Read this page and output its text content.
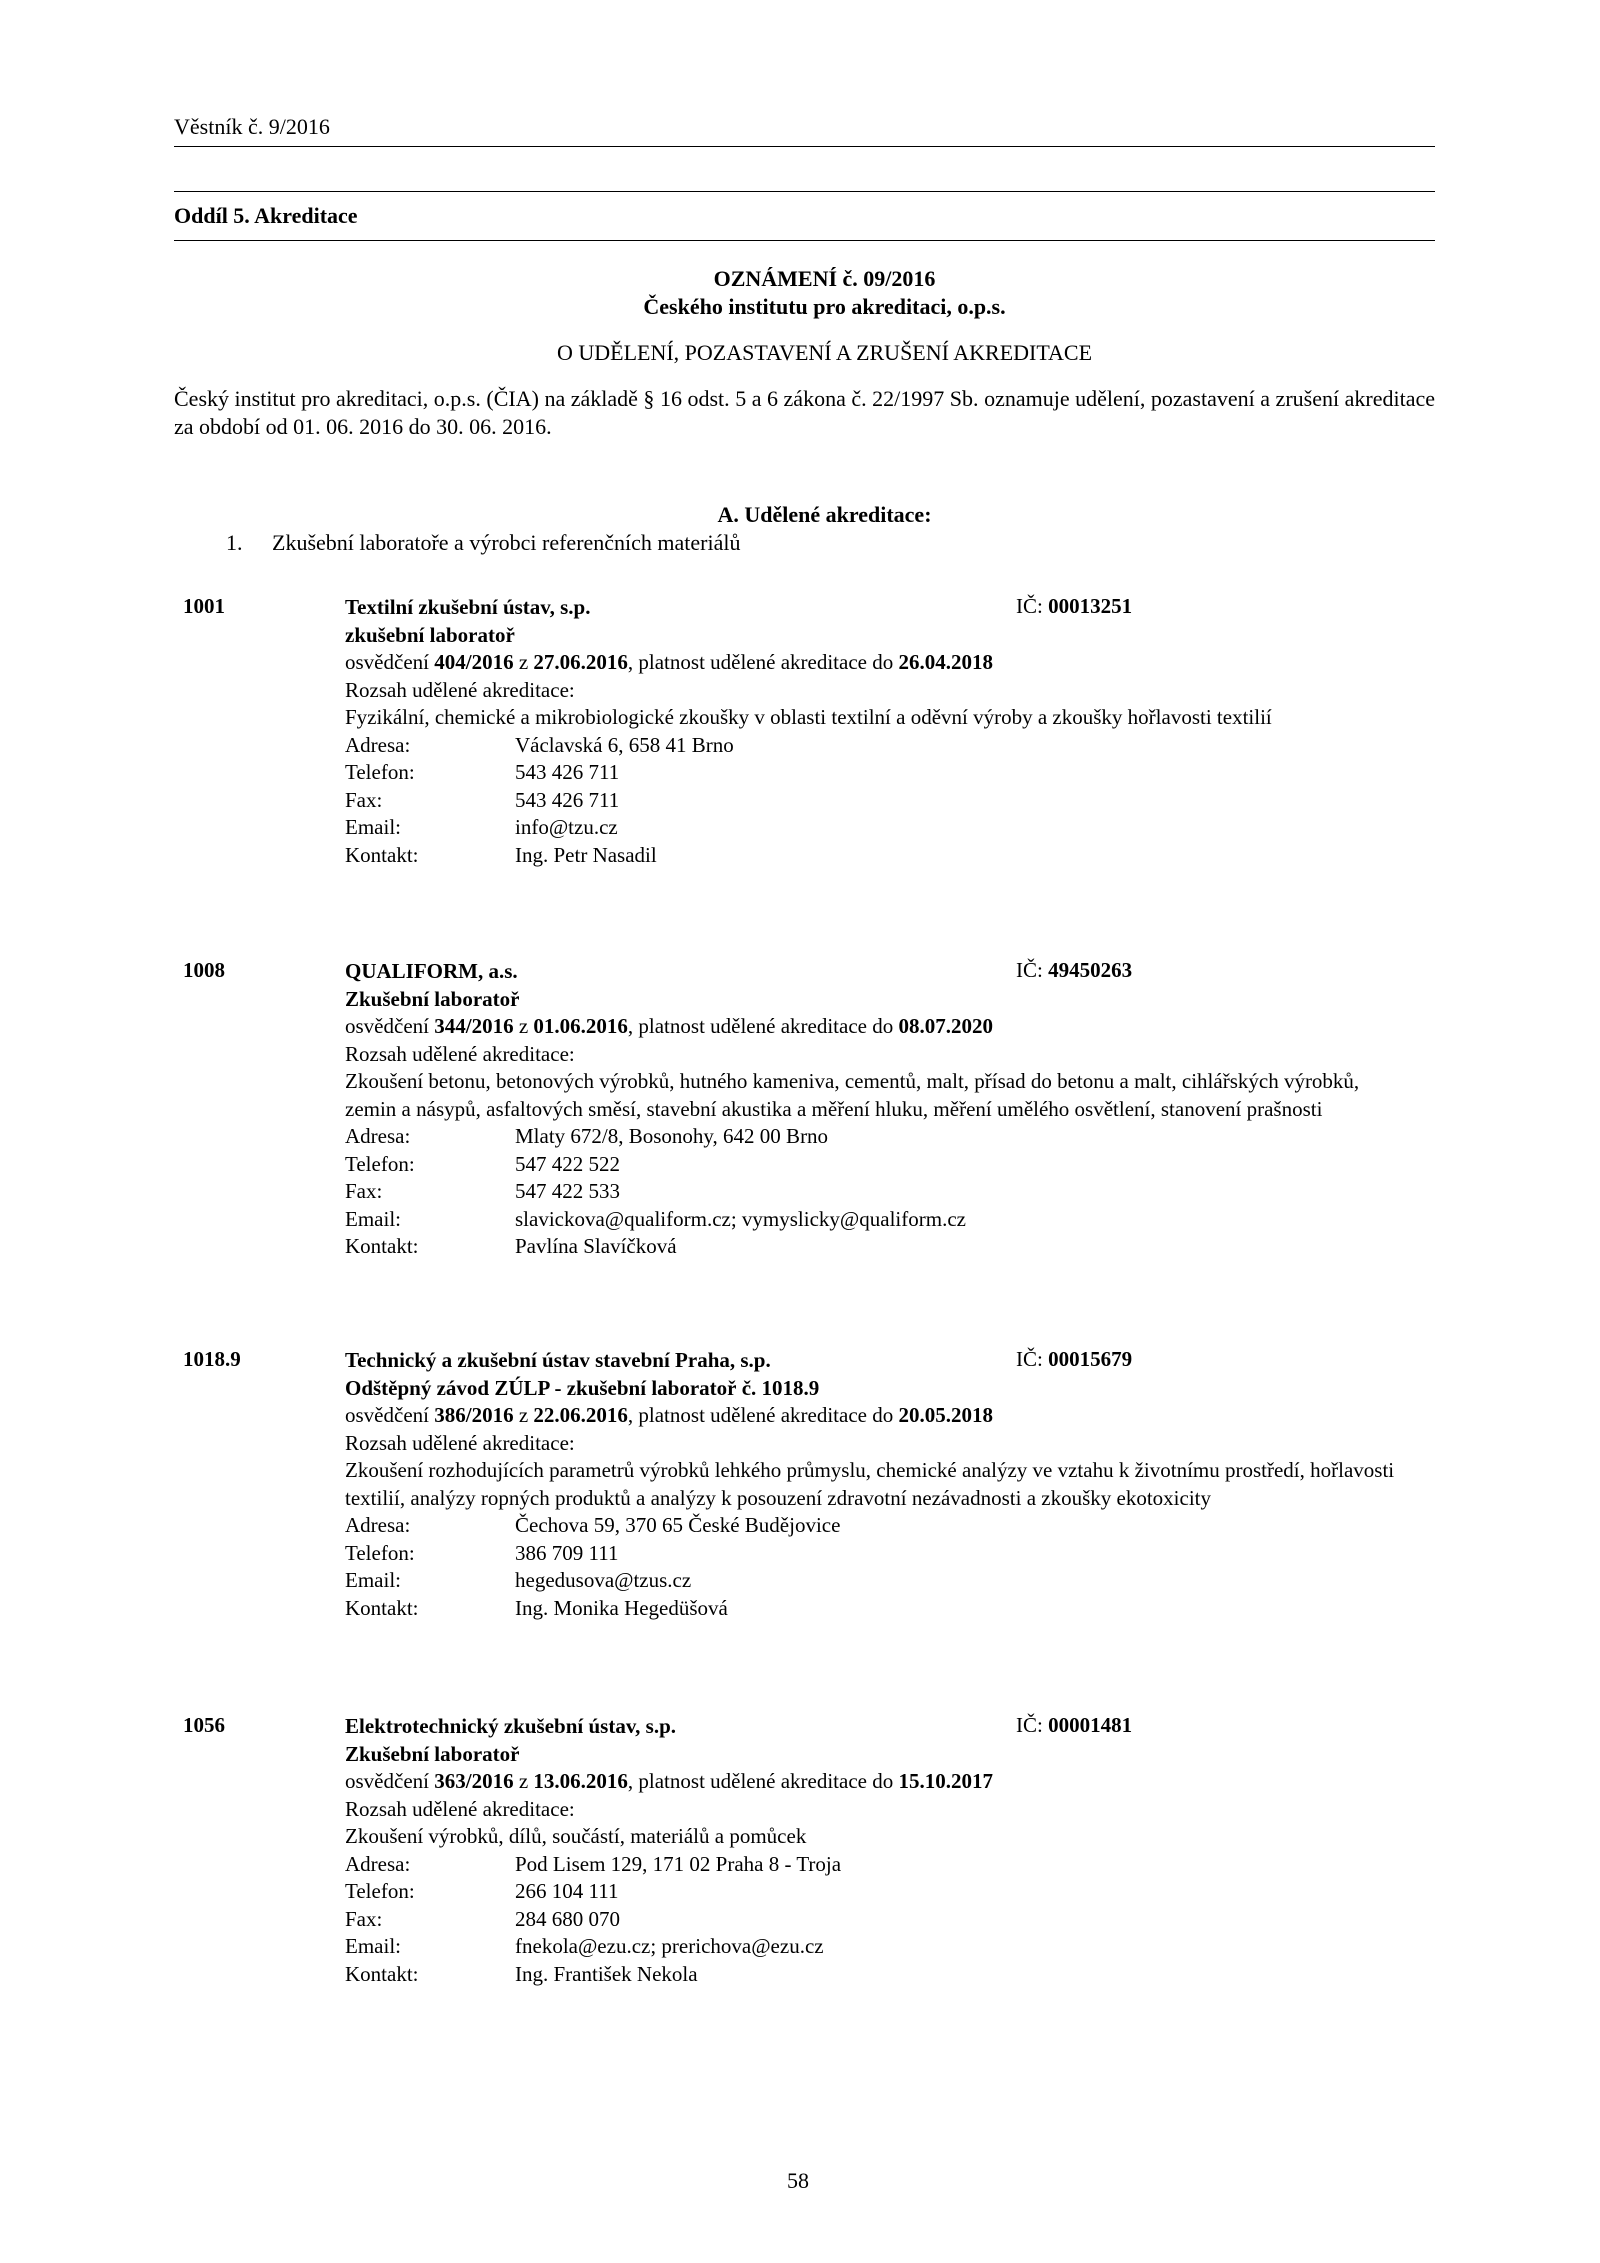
Věstník č. 9/2016
Oddíl 5. Akreditace
OZNÁMENÍ č. 09/2016
Českého institutu pro akreditaci, o.p.s.
O UDĚLENÍ, POZASTAVENÍ A ZRUŠENÍ AKREDITACE
Český institut pro akreditaci, o.p.s. (ČIA) na základě § 16 odst. 5 a 6 zákona č. 22/1997 Sb. oznamuje udělení, pozastavení a zrušení akreditace za období od 01. 06. 2016 do 30. 06. 2016.
A. Udělené akreditace:
1. Zkušební laboratoře a výrobci referenčních materiálů
1001	IČ: 00013251
Textilní zkušební ústav, s.p.
zkušební laboratoř
osvědčení 404/2016 z 27.06.2016, platnost udělené akreditace do 26.04.2018
Rozsah udělené akreditace:
Fyzikální, chemické a mikrobiologické zkoušky v oblasti textilní a oděvní výroby a zkoušky hořlavosti textilií
Adresa:	Václavská 6, 658 41 Brno
Telefon:	543 426 711
Fax:	543 426 711
Email:	info@tzu.cz
Kontakt:	Ing. Petr Nasadil
1008	IČ: 49450263
QUALIFORM, a.s.
Zkušební laboratoř
osvědčení 344/2016 z 01.06.2016, platnost udělené akreditace do 08.07.2020
Rozsah udělené akreditace:
Zkoušení betonu, betonových výrobků, hutného kameniva, cementů, malt, přísad do betonu a malt, cihlářských výrobků, zemin a násypů, asfaltových směsí, stavební akustika a měření hluku, měření umělého osvětlení, stanovení prašnosti
Adresa:	Mlaty 672/8, Bosonohy, 642 00 Brno
Telefon:	547 422 522
Fax:	547 422 533
Email:	slavickova@qualiform.cz; vymyslicky@qualiform.cz
Kontakt:	Pavlína Slavíčková
1018.9	IČ: 00015679
Technický a zkušební ústav stavební Praha, s.p.
Odštěpný závod ZÚLP - zkušební laboratoř č. 1018.9
osvědčení 386/2016 z 22.06.2016, platnost udělené akreditace do 20.05.2018
Rozsah udělené akreditace:
Zkoušení rozhodujících parametrů výrobků lehkého průmyslu, chemické analýzy ve vztahu k životnímu prostředí, hořlavosti textilií, analýzy ropných produktů a analýzy k posouzení zdravotní nezávadnosti a zkoušky ekotoxicity
Adresa:	Čechova 59, 370 65 České Budějovice
Telefon:	386 709 111
Email:	hegedusova@tzus.cz
Kontakt:	Ing. Monika Hegedüšová
1056	IČ: 00001481
Elektrotechnický zkušební ústav, s.p.
Zkušební laboratoř
osvědčení 363/2016 z 13.06.2016, platnost udělené akreditace do 15.10.2017
Rozsah udělené akreditace:
Zkoušení výrobků, dílů, součástí, materiálů a pomůcek
Adresa:	Pod Lisem 129, 171 02 Praha 8 - Troja
Telefon:	266 104 111
Fax:	284 680 070
Email:	fnekola@ezu.cz; prerichova@ezu.cz
Kontakt:	Ing. František Nekola
58
